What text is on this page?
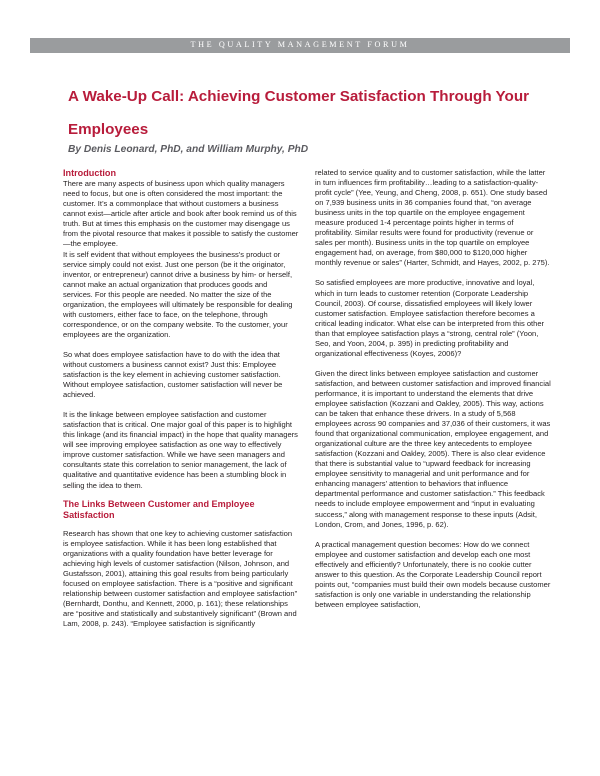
THE QUALITY MANAGEMENT FORUM
A Wake-Up Call: Achieving Customer Satisfaction Through Your Employees

By Denis Leonard, PhD, and William Murphy, PhD

Introduction

There are many aspects of business upon which quality managers need to focus, but one is often considered the most important: the customer. It’s a commonplace that without customers a business cannot exist—article after article and book after book remind us of this truth. But at times this emphasis on the customer may disengage us from the pivotal resource that makes it possible to satisfy the customer—the employee.

It is self evident that without employees the business’s product or service simply could not exist. Just one person (be it the originator, inventor, or entrepreneur) cannot drive a business by him- or herself, cannot make an actual organization that produces goods and services. For this people are needed. No matter the size of the organization, the employees will ultimately be responsible for dealing with customers, either face to face, on the telephone, through correspondence, or on the company website. To the customer, your employees are the organization.

So what does employee satisfaction have to do with the idea that without customers a business cannot exist? Just this: Employee satisfaction is the key element in achieving customer satisfaction. Without employee satisfaction, customer satisfaction will never be achieved.

It is the linkage between employee satisfaction and customer satisfaction that is critical. One major goal of this paper is to highlight this linkage (and its financial impact) in the hope that quality managers will see improving employee satisfaction as one way to effectively improve customer satisfaction. While we have seen managers and consultants state this correlation to senior management, the lack of qualitative and quantitative evidence has been a stumbling block in selling the idea to them.

The Links Between Customer and Employee Satisfaction

Research has shown that one key to achieving customer satisfaction is employee satisfaction. While it has been long established that organizations with a quality foundation have better leverage for achieving high levels of customer satisfaction (Nilson, Johnson, and Gustafsson, 2001), attaining this goal results from being particularly focused on employee satisfaction. There is a “positive and significant relationship between customer satisfaction and employee satisfaction” (Bernhardt, Donthu, and Kennett, 2000, p. 161); these relationships are “positive and statistically and substantively significant” (Brown and Lam, 2008, p. 243). “Employee satisfaction is significantly

related to service quality and to customer satisfaction, while the latter in turn influences firm profitability…leading to a satisfaction-quality-profit cycle” (Yee, Yeung, and Cheng, 2008, p. 651). One study based on 7,939 business units in 36 companies found that, “on average business units in the top quartile on the employee engagement measure produced 1-4 percentage points higher in terms of profitability. Similar results were found for productivity (revenue or sales per month). Business units in the top quartile on employee engagement had, on average, from $80,000 to $120,000 higher monthly revenue or sales” (Harter, Schmidt, and Hayes, 2002, p. 275).

So satisfied employees are more productive, innovative and loyal, which in turn leads to customer retention (Corporate Leadership Council, 2003). Of course, dissatisfied employees will likely lower customer satisfaction. Employee satisfaction therefore becomes a critical leading indicator. What else can be interpreted from this other than that employee satisfaction plays a “strong, central role” (Yoon, Seo, and Yoon, 2004, p. 395) in predicting profitability and organizational effectiveness (Koyes, 2006)?

Given the direct links between employee satisfaction and customer satisfaction, and between customer satisfaction and improved financial performance, it is important to understand the elements that drive employee satisfaction (Kozzani and Oakley, 2005). This way, actions can be taken that enhance these drivers. In a study of 5,568 employees across 90 companies and 37,036 of their customers, it was found that organizational communication, employee engagement, and organizational culture are the three key antecedents to employee satisfaction (Kozzani and Oakley, 2005). There is also clear evidence that there is substantial value to “upward feedback for increasing employee sensitivity to managerial and unit performance and for enhancing managers’ attention to behaviors that influence departmental performance and customer satisfaction.” This feedback needs to include employee empowerment and “input in evaluating success,” along with management response to these inputs (Adsit, London, Crom, and Jones, 1996, p. 62).

A practical management question becomes: How do we connect employee and customer satisfaction and develop each one most effectively and efficiently? Unfortunately, there is no cookie cutter answer to this question. As the Corporate Leadership Council report points out, “companies must build their own models because customer satisfaction is only one variable in understanding the relationship between employee satisfaction,
